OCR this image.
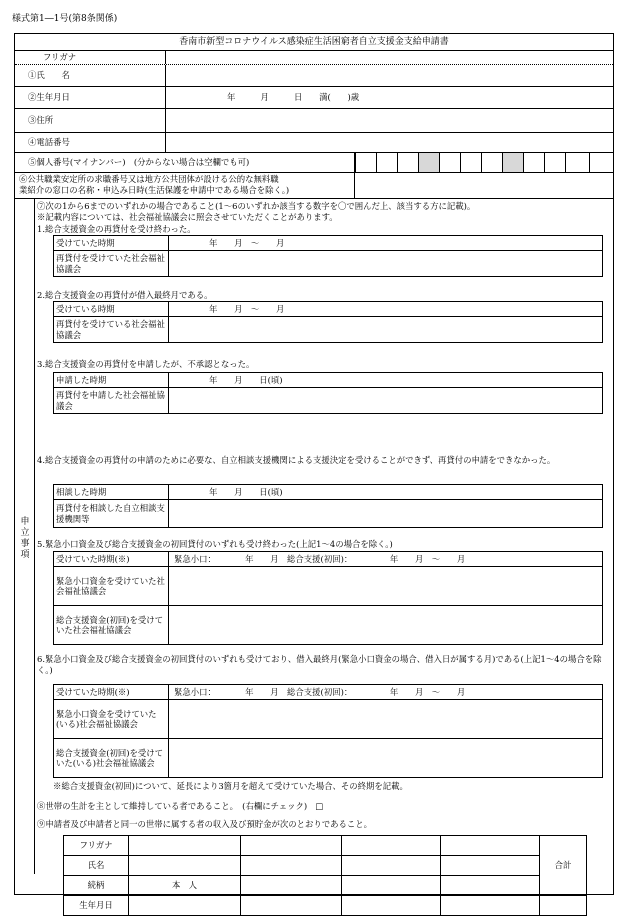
様式第1―1号(第8条関係)
香南市新型コロナウイルス感染症生活困窮者自立支援金支給申請書
フリガナ
①氏　　名
②生年月日	年　　　月　　　日　　満(　　)歳
③住所
④電話番号
⑤個人番号(マイナンバー)　(分からない場合は空欄でも可)
⑥公共職業安定所の求職番号又は地方公共団体が設ける公的な無料職
業紹介の窓口の名称・申込み日時(生活保護を申請中である場合を除く。)
申立事項
⑦次の1から6までのいずれかの場合であること(1～6のいずれか該当する数字を〇で囲んだ上、該当する方に記載)。
※記載内容については、社会福祉協議会に照会させていただくことがあります。
1.総合支援資金の再貸付を受け終わった。
受けていた時期	年　　月　～　　月
再貸付を受けていた社会福祉協議会	
2.総合支援資金の再貸付が借入最終月である。
受けている時期	年　　月　～　　月
再貸付を受けている社会福祉協議会	
3.総合支援資金の再貸付を申請したが、不承認となった。
申請した時期	年　　月　　日(頃)
再貸付を申請した社会福祉協議会	
4.総合支援資金の再貸付の申請のために必要な、自立相談支援機関による支援決定を受けることができず、再貸付の申請をできなかった。
相談した時期	年　　月　　日(頃)
再貸付を相談した自立相談支援機関等	
5.緊急小口資金及び総合支援資金の初回貸付のいずれも受け終わった(上記1～4の場合を除く。)
受けていた時期(※)	緊急小口：　　　　年　　月　総合支援(初回)：　　　　　年　　月　～　　月
緊急小口資金を受けていた社会福祉協議会	
総合支援資金(初回)を受けていた社会福祉協議会	
6.緊急小口資金及び総合支援資金の初回貸付のいずれも受けており、借入最終月(緊急小口資金の場合、借入日が属する月)である(上記1～4の場合を除く。)
受けていた時期(※)	緊急小口：　　　　年　　月　総合支援(初回)：　　　　　年　　月　～　　月
緊急小口資金を受けていた(いる)社会福祉協議会	
総合支援資金(初回)を受けていた(いる)社会福祉協議会	
※総合支援資金(初回)について、延長により3箇月を超えて受けていた場合、その終期を記載。
⑧世帯の生計を主として維持している者であること。　(右欄にチェック)　□
⑨申請者及び申請者と同一の世帯に属する者の収入及び預貯金が次のとおりであること。
フリガナ					合計
氏名					
続柄	本　人				
生年月日					
